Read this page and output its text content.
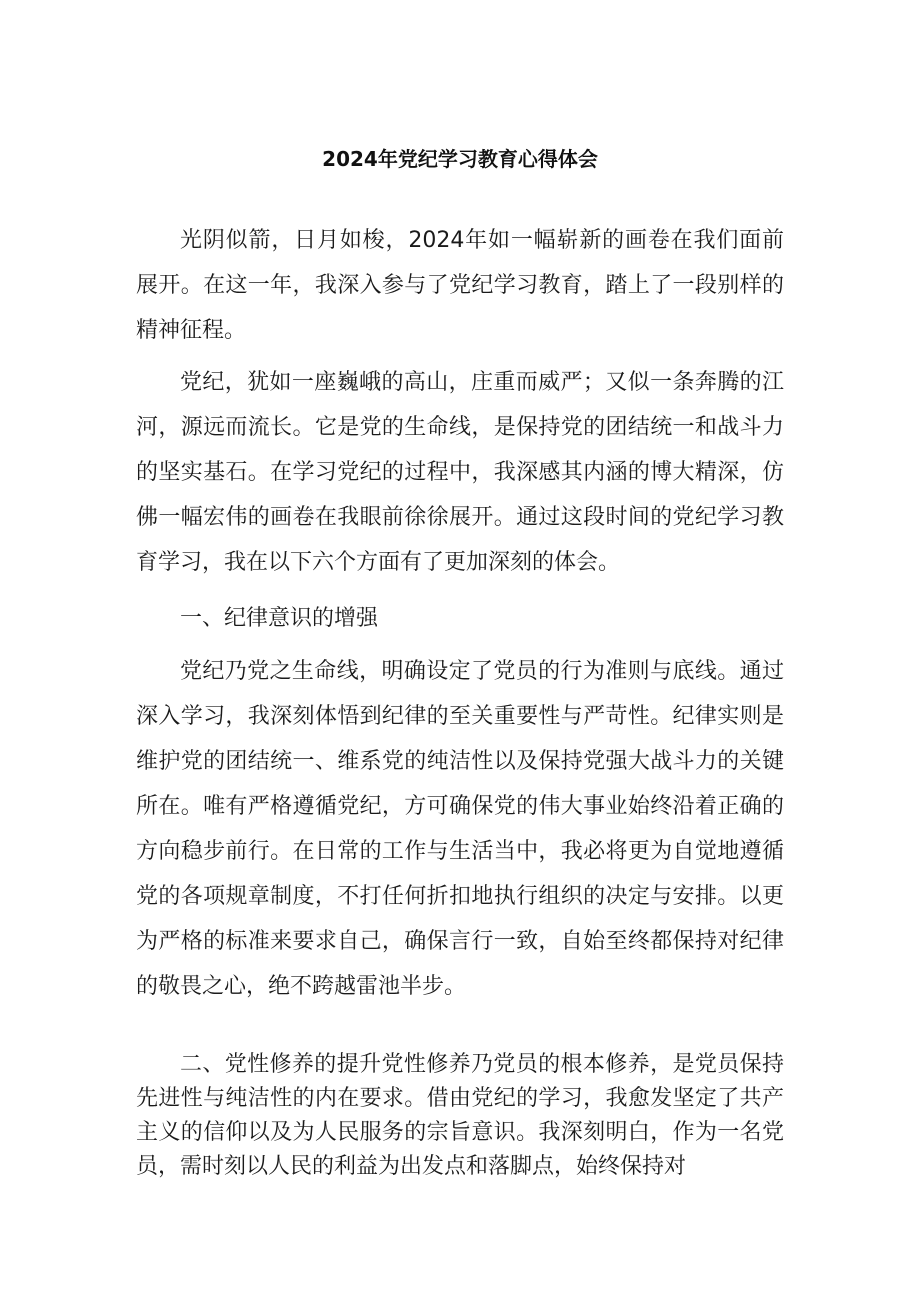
2024年党纪学习教育心得体会

光阴似箭，日月如梭，2024年如一幅崭新的画卷在我们面前展开。在这一年，我深入参与了党纪学习教育，踏上了一段别样的精神征程。

党纪，犹如一座巍峨的高山，庄重而威严；又似一条奔腾的江河，源远而流长。它是党的生命线，是保持党的团结统一和战斗力的坚实基石。在学习党纪的过程中，我深感其内涵的博大精深，仿佛一幅宏伟的画卷在我眼前徐徐展开。通过这段时间的党纪学习教育学习，我在以下六个方面有了更加深刻的体会。

一、纪律意识的增强

党纪乃党之生命线，明确设定了党员的行为准则与底线。通过深入学习，我深刻体悟到纪律的至关重要性与严苛性。纪律实则是维护党的团结统一、维系党的纯洁性以及保持党强大战斗力的关键所在。唯有严格遵循党纪，方可确保党的伟大事业始终沿着正确的方向稳步前行。在日常的工作与生活当中，我必将更为自觉地遵循党的各项规章制度，不打任何折扣地执行组织的决定与安排。以更为严格的标准来要求自己，确保言行一致，自始至终都保持对纪律的敬畏之心，绝不跨越雷池半步。

二、党性修养的提升党性修养乃党员的根本修养，是党员保持先进性与纯洁性的内在要求。借由党纪的学习，我愈发坚定了共产主义的信仰以及为人民服务的宗旨意识。我深刻明白，作为一名党员，需时刻以人民的利益为出发点和落脚点，始终保持对
